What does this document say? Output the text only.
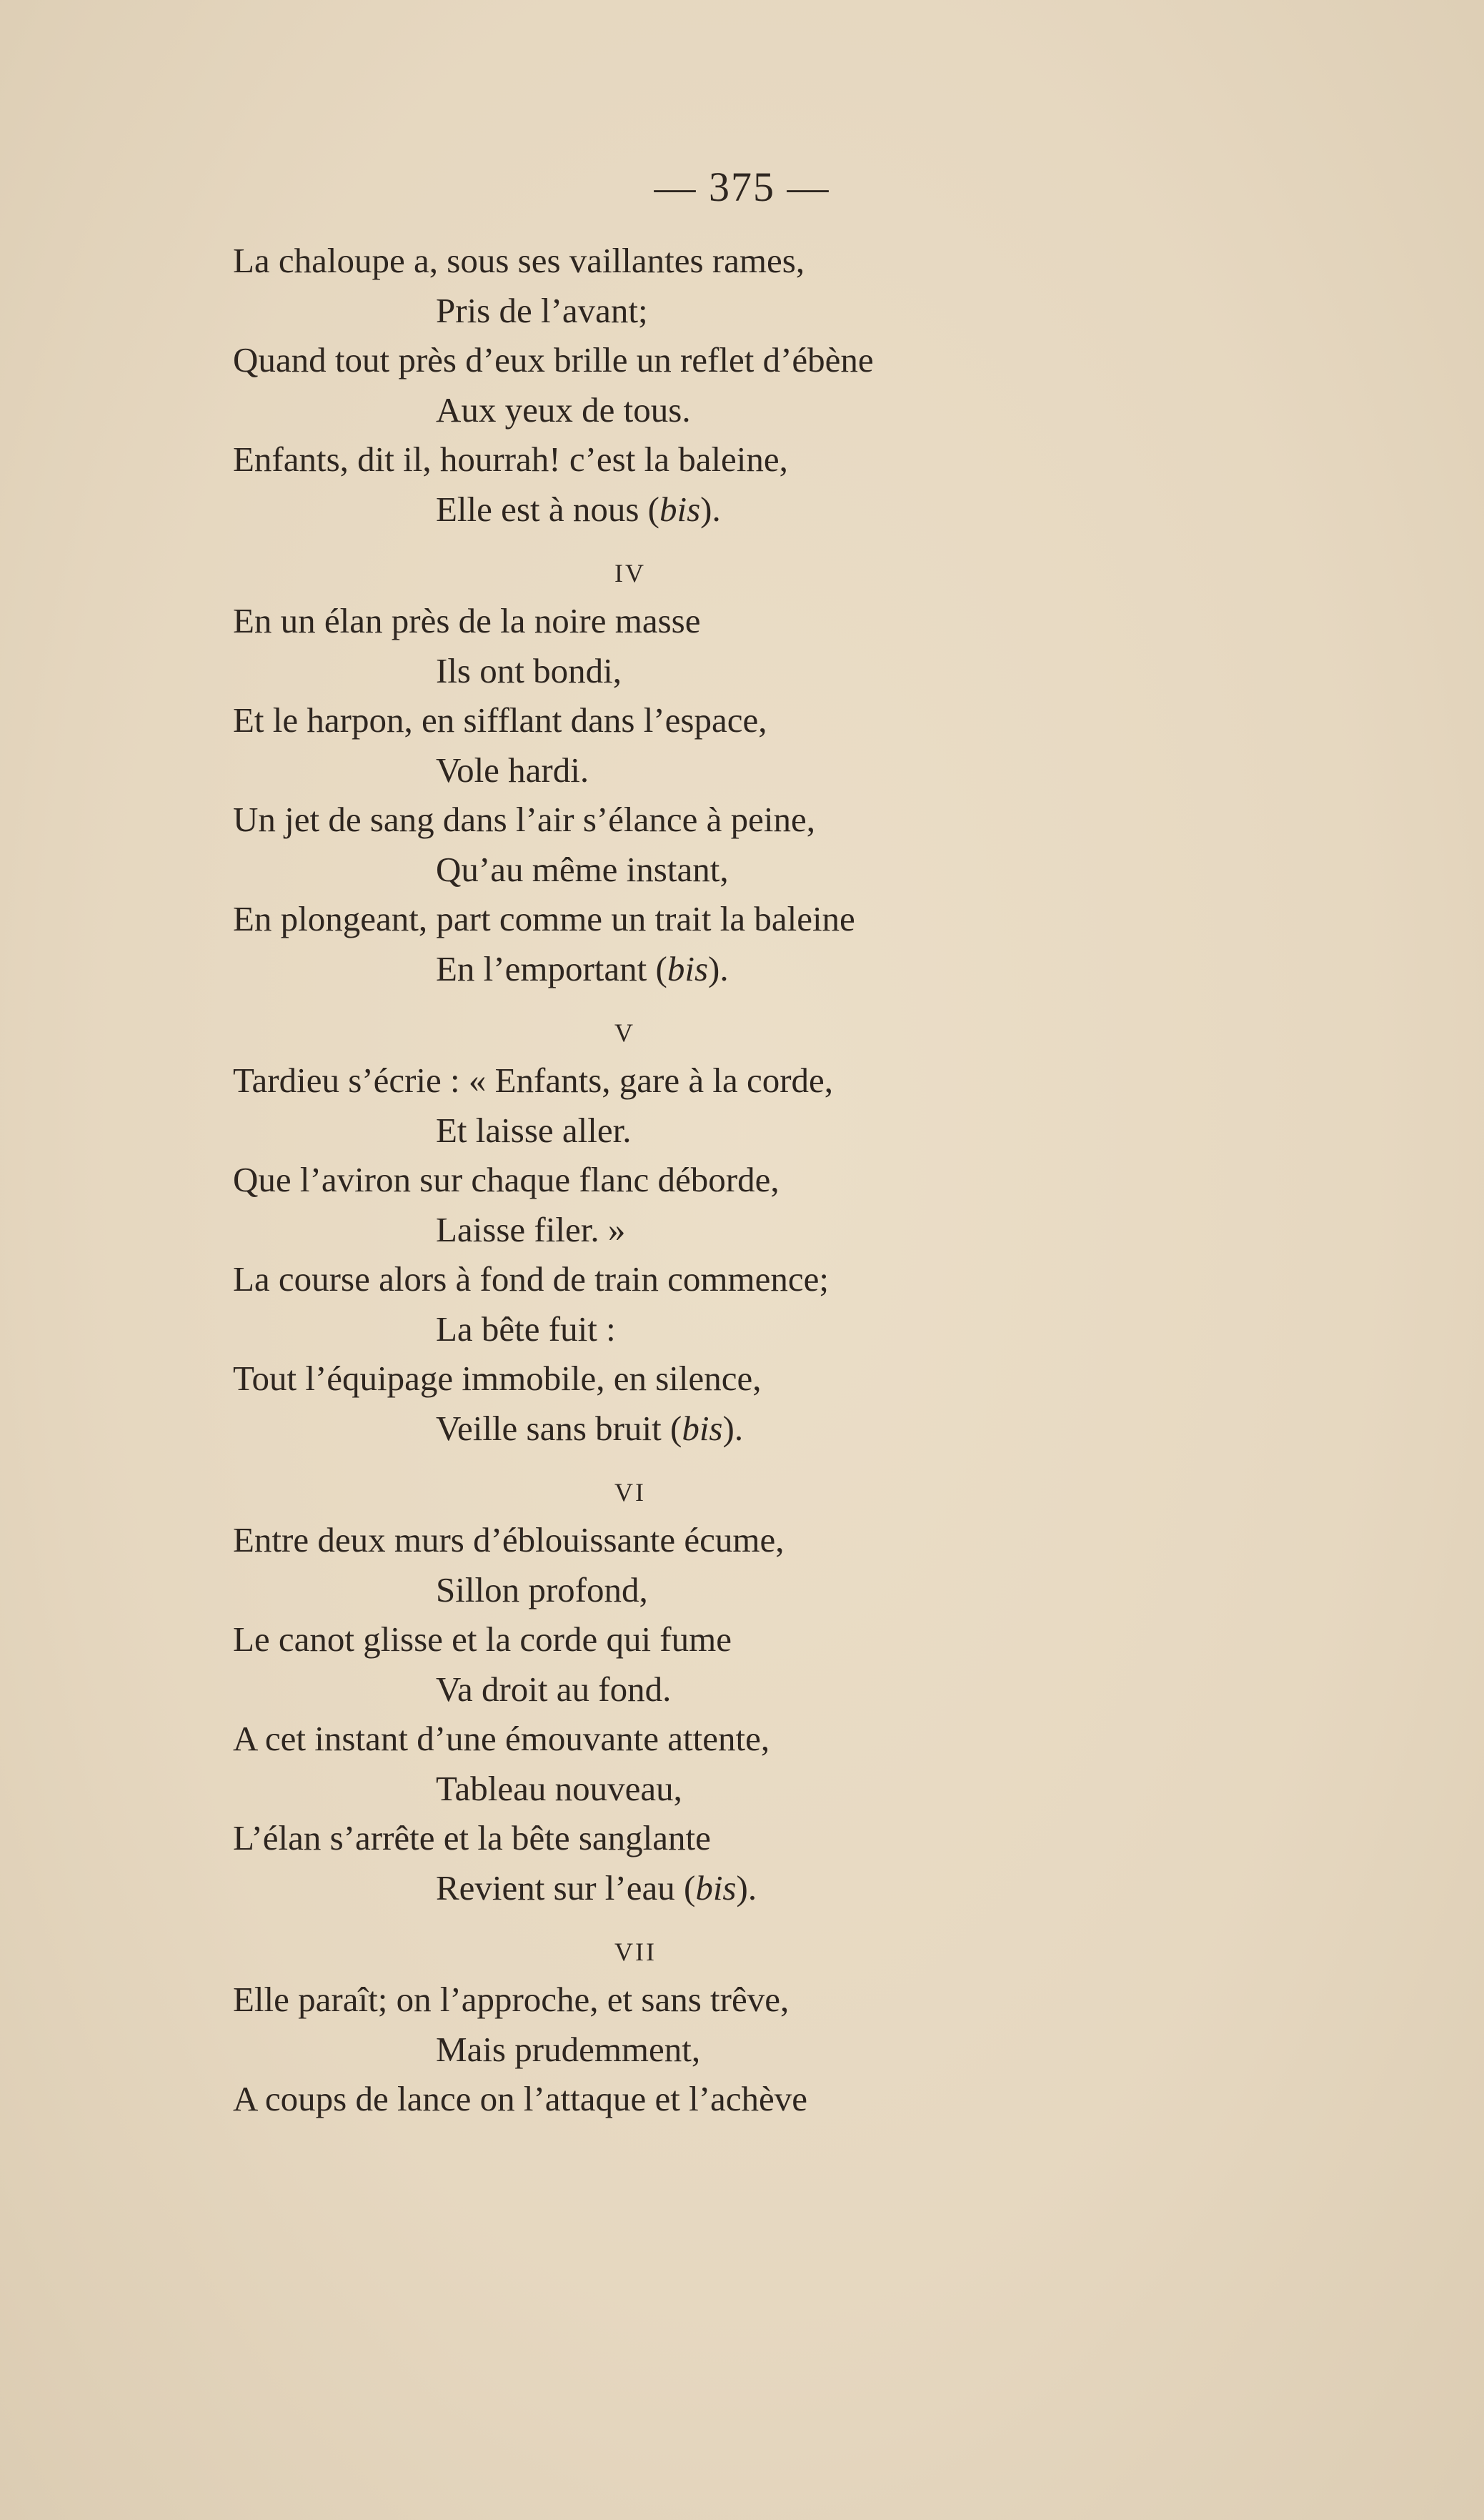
— 375 —
La chaloupe a, sous ses vaillantes rames,
Pris de l’avant;
Quand tout près d’eux brille un reflet d’ébène
Aux yeux de tous.
Enfants, dit il, hourrah! c’est la baleine,
Elle est à nous (bis).
IV
En un élan près de la noire masse
Ils ont bondi,
Et le harpon, en sifflant dans l’espace,
Vole hardi.
Un jet de sang dans l’air s’élance à peine,
Qu’au même instant,
En plongeant, part comme un trait la baleine
En l’emportant (bis).
V
Tardieu s’écrie : « Enfants, gare à la corde,
Et laisse aller.
Que l’aviron sur chaque flanc déborde,
Laisse filer. »
La course alors à fond de train commence;
La bête fuit :
Tout l’équipage immobile, en silence,
Veille sans bruit (bis).
VI
Entre deux murs d’éblouissante écume,
Sillon profond,
Le canot glisse et la corde qui fume
Va droit au fond.
A cet instant d’une émouvante attente,
Tableau nouveau,
L’élan s’arrête et la bête sanglante
Revient sur l’eau (bis).
VII
Elle paraît; on l’approche, et sans trêve,
Mais prudemment,
A coups de lance on l’attaque et l’achève
